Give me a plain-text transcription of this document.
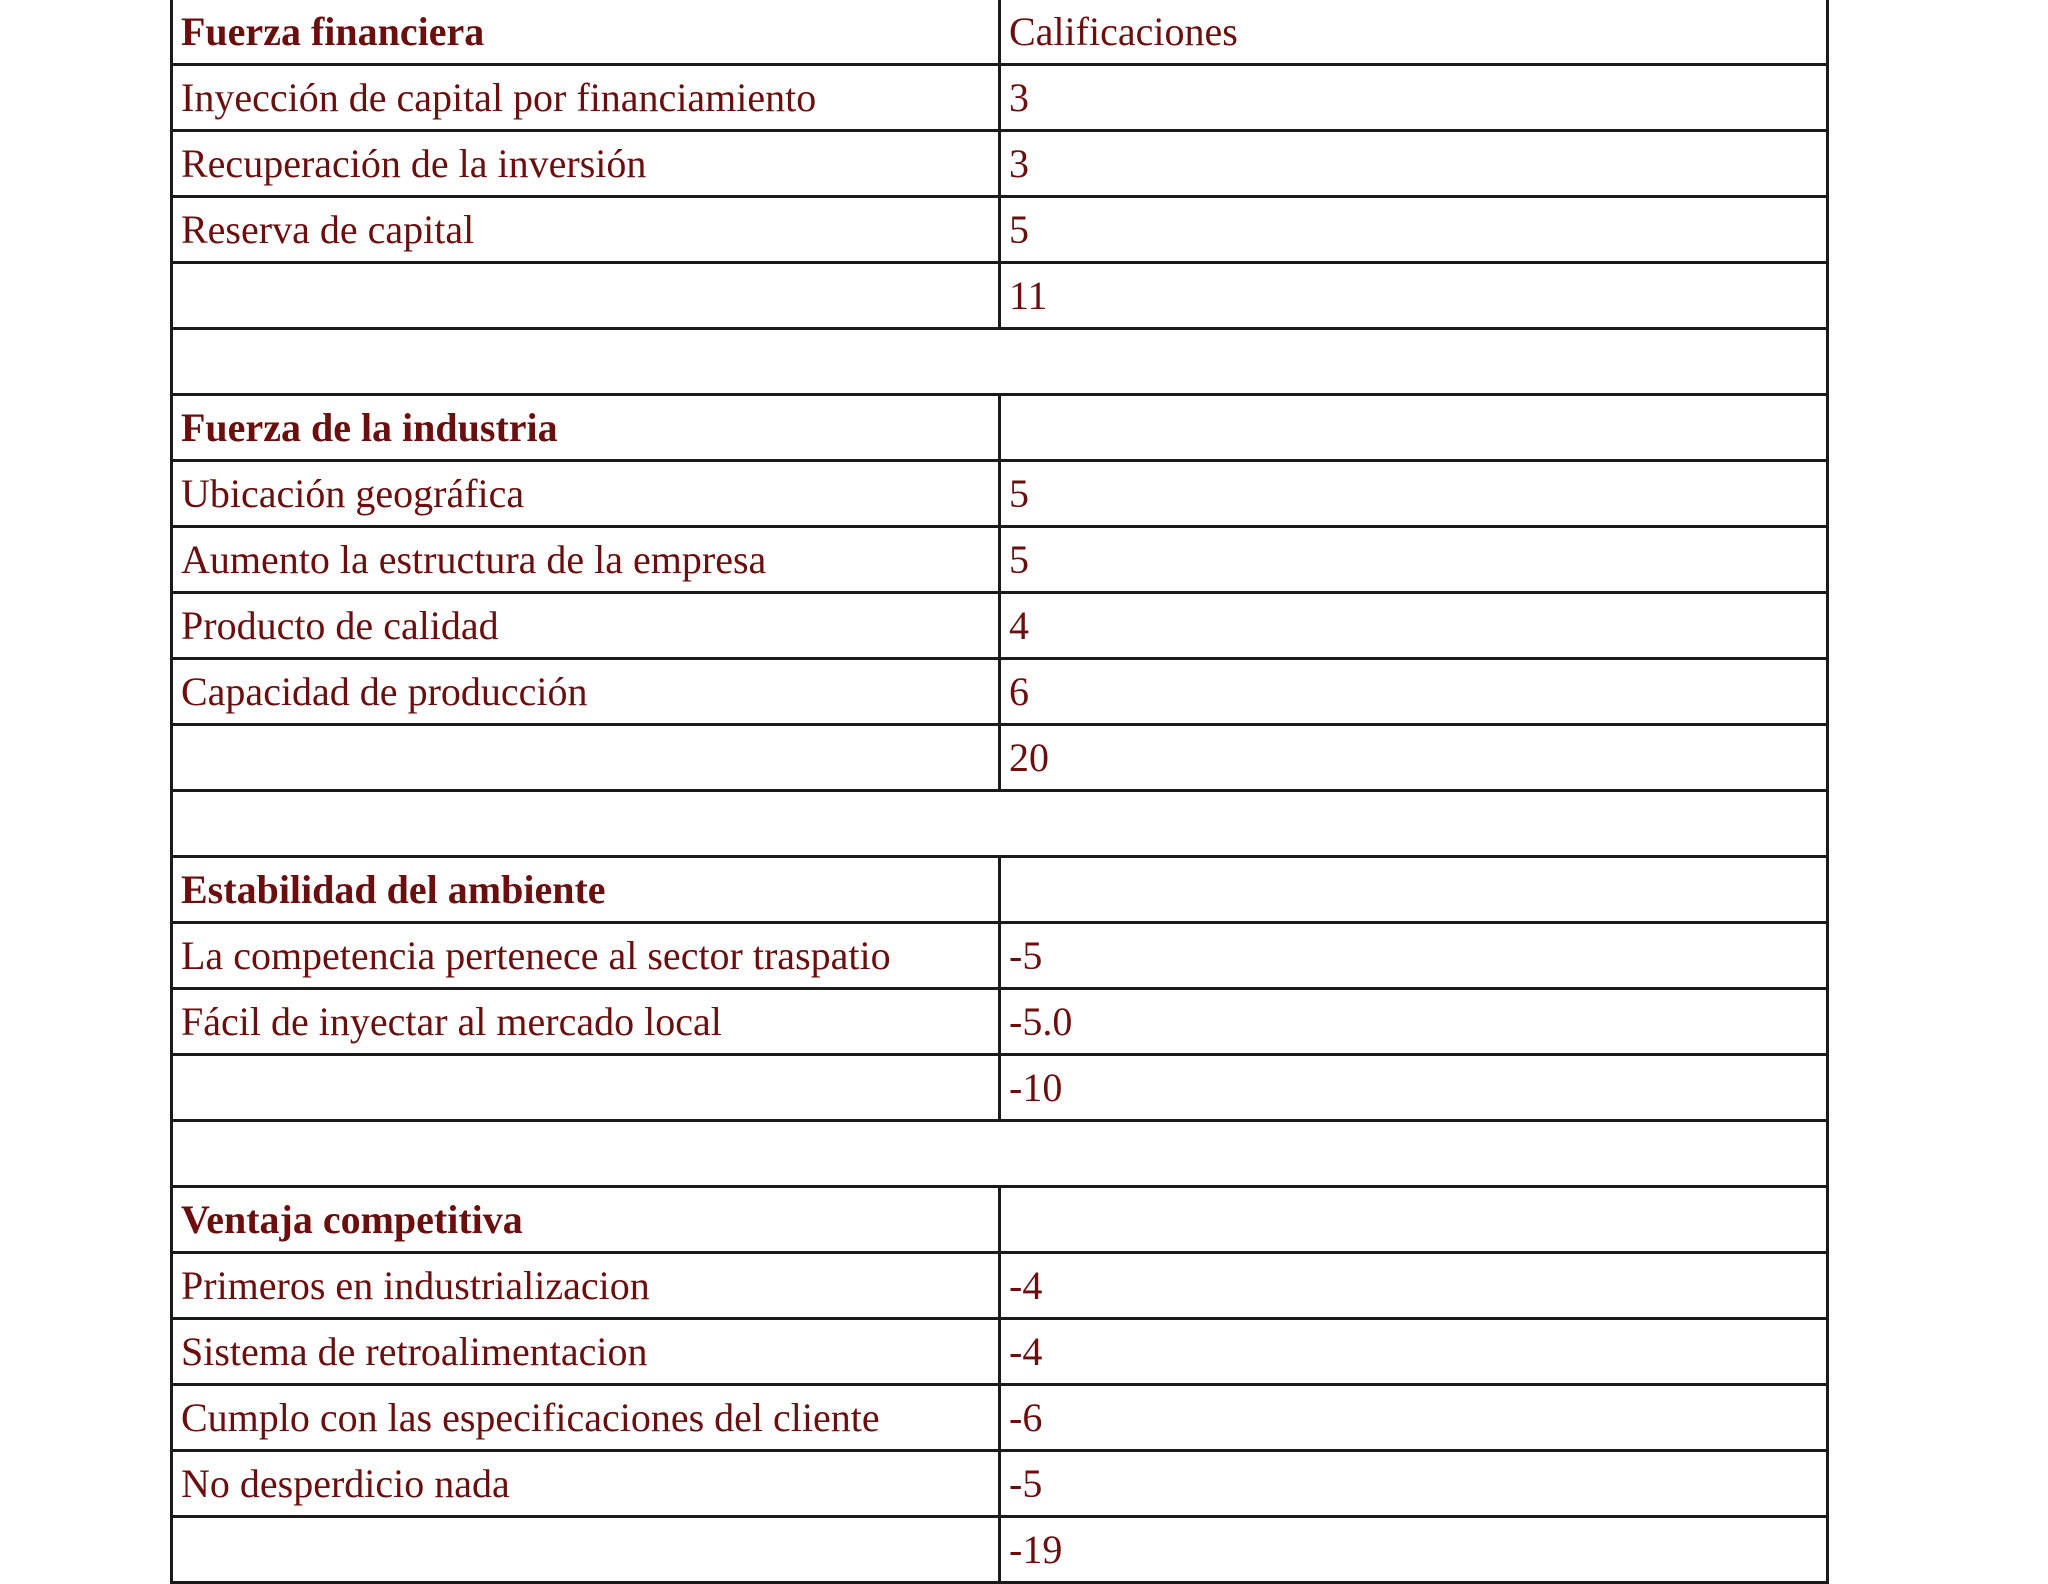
Fuerza financiera	Calificaciones
Inyección de capital por financiamiento	3
Recuperación de la inversión	3
Reserva de capital	5
	11

Fuerza de la industria	
Ubicación geográfica	5
Aumento la estructura de la empresa	5
Producto de calidad	4
Capacidad de producción	6
	20

Estabilidad del ambiente	
La competencia pertenece al sector traspatio	-5
Fácil de inyectar al mercado local	-5.0
	-10

Ventaja competitiva	
Primeros en industrializacion	-4
Sistema de retroalimentacion	-4
Cumplo con las especificaciones del cliente	-6
No desperdicio nada	-5
	-19
